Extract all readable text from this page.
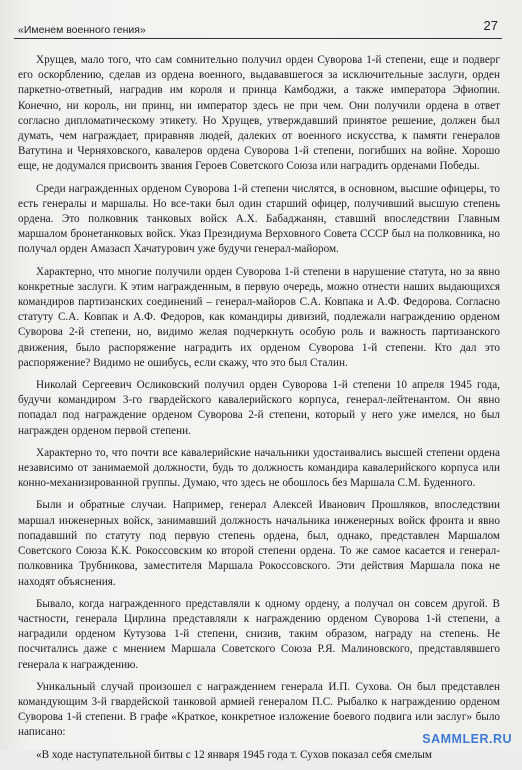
«Именем военного гения»	27

Хрущев, мало того, что сам сомнительно получил орден Суворова 1-й степени, еще и подверг его оскорблению, сделав из ордена военного, выдававшегося за исключительные заслуги, орден паркетно-ответный, наградив им короля и принца Камбоджи, а также императора Эфиопии. Конечно, ни король, ни принц, ни император здесь не при чем. Они получили ордена в ответ согласно дипломатическому этикету. Но Хрущев, утверждавший принятое решение, должен был думать, чем награждает, приравняв людей, далеких от военного искусства, к памяти генералов Ватутина и Черняховского, кавалеров ордена Суворова 1-й степени, погибших на войне. Хорошо еще, не додумался присвоить звания Героев Советского Союза или наградить орденами Победы.

Среди награжденных орденом Суворова 1-й степени числятся, в основном, высшие офицеры, то есть генералы и маршалы. Но все-таки был один старший офицер, получивший высшую степень ордена. Это полковник танковых войск А.Х. Бабаджанян, ставший впоследствии Главным маршалом бронетанковых войск. Указ Президиума Верховного Совета СССР был на полковника, но получал орден Амазасп Хачатурович уже будучи генерал-майором.

Характерно, что многие получили орден Суворова 1-й степени в нарушение статута, но за явно конкретные заслуги. К этим награжденным, в первую очередь, можно отнести наших выдающихся командиров партизанских соединений – генерал-майоров С.А. Ковпака и А.Ф. Федорова. Согласно статуту С.А. Ковпак и А.Ф. Федоров, как командиры дивизий, подлежали награждению орденом Суворова 2-й степени, но, видимо желая подчеркнуть особую роль и важность партизанского движения, было распоряжение наградить их орденом Суворова 1-й степени. Кто дал это распоряжение? Видимо не ошибусь, если скажу, что это был Сталин.

Николай Сергеевич Осликовский получил орден Суворова 1-й степени 10 апреля 1945 года, будучи командиром 3-го гвардейского кавалерийского корпуса, генерал-лейтенантом. Он явно попадал под награждение орденом Суворова 2-й степени, который у него уже имелся, но был награжден орденом первой степени.

Характерно то, что почти все кавалерийские начальники удостаивались высшей степени ордена независимо от занимаемой должности, будь то должность командира кавалерийского корпуса или конно-механизированной группы. Думаю, что здесь не обошлось без Маршала С.М. Буденного.

Были и обратные случаи. Например, генерал Алексей Иванович Прошляков, впоследствии маршал инженерных войск, занимавший должность начальника инженерных войск фронта и явно попадавший по статуту под первую степень ордена, был, однако, представлен Маршалом Советского Союза К.К. Рокоссовским ко второй степени ордена. То же самое касается и генерал-полковника Трубникова, заместителя Маршала Рокоссовского. Эти действия Маршала пока не находят объяснения.

Бывало, когда награжденного представляли к одному ордену, а получал он совсем другой. В частности, генерала Цирлина представляли к награждению орденом Суворова 1-й степени, а наградили орденом Кутузова 1-й степени, снизив, таким образом, награду на степень. Не посчитались даже с мнением Маршала Советского Союза Р.Я. Малиновского, представлявшего генерала к награждению.

Уникальный случай произошел с награждением генерала И.П. Сухова. Он был представлен командующим 3-й гвардейской танковой армией генералом П.С. Рыбалко к награждению орденом Суворова 1-й степени. В графе «Краткое, конкретное изложение боевого подвига или заслуг» было написано:

«В ходе наступательной битвы с 12 января 1945 года т. Сухов показал себя смелым

SAMMLER.RU
